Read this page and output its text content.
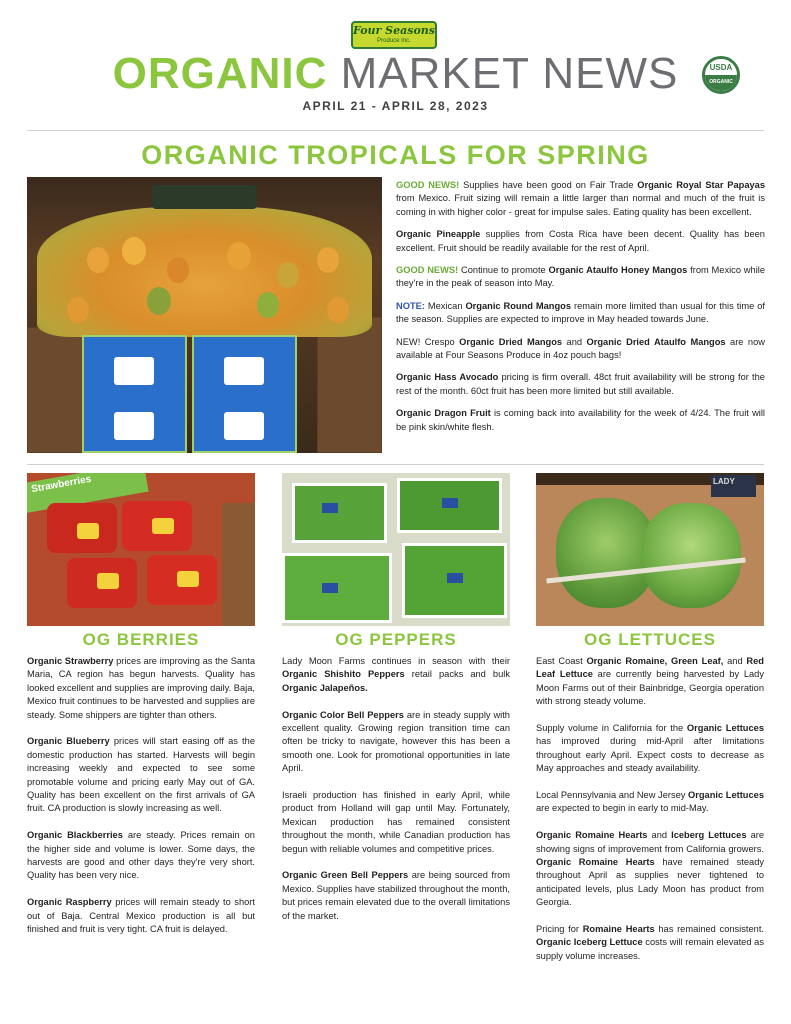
Four Seasons
Produce Inc.
ORGANIC MARKET NEWS
APRIL 21 - APRIL 28, 2023
USDA
ORGANIC
ORGANIC TROPICALS FOR SPRING

GOOD NEWS! Supplies have been good on Fair Trade Organic Royal Star Papayas from Mexico. Fruit sizing will remain a little larger than normal and much of the fruit is coming in with higher color - great for impulse sales. Eating quality has been excellent.

Organic Pineapple supplies from Costa Rica have been decent. Quality has been excellent. Fruit should be readily available for the rest of April.

GOOD NEWS! Continue to promote Organic Ataulfo Honey Mangos from Mexico while they're in the peak of season into May.

NOTE: Mexican Organic Round Mangos remain more limited than usual for this time of the season. Supplies are expected to improve in May headed towards June.

NEW! Crespo Organic Dried Mangos and Organic Dried Ataulfo Mangos are now available at Four Seasons Produce in 4oz pouch bags!

Organic Hass Avocado pricing is firm overall. 48ct fruit availability will be strong for the rest of the month. 60ct fruit has been more limited but still available.

Organic Dragon Fruit is coming back into availability for the week of 4/24. The fruit will be pink skin/white flesh.

Strawberries	LADY
OG BERRIES	OG PEPPERS	OG LETTUCES

Organic Strawberry prices are improving as the Santa Maria, CA region has begun harvests. Quality has looked excellent and supplies are improving daily. Baja, Mexico fruit continues to be harvested and supplies are steady. Some shippers are tighter than others.

Organic Blueberry prices will start easing off as the domestic production has started. Harvests will begin increasing weekly and expected to see some promotable volume and pricing early May out of GA. Quality has been excellent on the first arrivals of GA fruit. CA production is slowly increasing as well.

Organic Blackberries are steady. Prices remain on the higher side and volume is lower. Some days, the harvests are good and other days they're very short. Quality has been very nice.

Organic Raspberry prices will remain steady to short out of Baja. Central Mexico production is all but finished and fruit is very tight. CA fruit is delayed.

Lady Moon Farms continues in season with their Organic Shishito Peppers retail packs and bulk Organic Jalapeños.

Organic Color Bell Peppers are in steady supply with excellent quality. Growing region transition time can often be tricky to navigate, however this has been a smooth one. Look for promotional opportunities in late April.

Israeli production has finished in early April, while product from Holland will gap until May. Fortunately, Mexican production has remained consistent throughout the month, while Canadian production has begun with reliable volumes and competitive prices.

Organic Green Bell Peppers are being sourced from Mexico. Supplies have stabilized throughout the month, but prices remain elevated due to the overall limitations of the market.

East Coast Organic Romaine, Green Leaf, and Red Leaf Lettuce are currently being harvested by Lady Moon Farms out of their Bainbridge, Georgia operation with strong steady volume.

Supply volume in California for the Organic Lettuces has improved during mid-April after limitations throughout early April. Expect costs to decrease as May approaches and steady availability.

Local Pennsylvania and New Jersey Organic Lettuces are expected to begin in early to mid-May.

Organic Romaine Hearts and Iceberg Lettuces are showing signs of improvement from California growers. Organic Romaine Hearts have remained steady throughout April as supplies never tightened to anticipated levels, plus Lady Moon has product from Georgia.

Pricing for Romaine Hearts has remained consistent. Organic Iceberg Lettuce costs will remain elevated as supply volume increases.
